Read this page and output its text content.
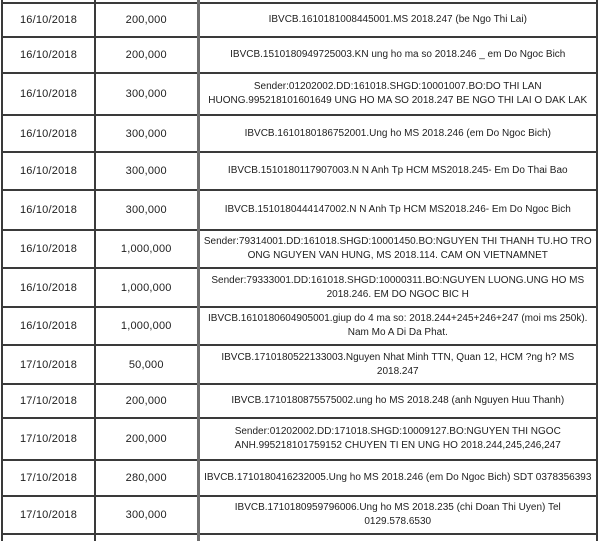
16/10/2018	200,000	IBVCB.1610181008445001.MS 2018.247 (be Ngo Thi Lai)
16/10/2018	200,000	IBVCB.1510180949725003.KN ung ho ma so 2018.246 _ em Do Ngoc Bich
16/10/2018	300,000	Sender:01202002.DD:161018.SHGD:10001007.BO:DO THI LAN HUONG.995218101601649 UNG HO MA SO 2018.247 BE NGO THI LAI O DAK LAK
16/10/2018	300,000	IBVCB.1610180186752001.Ung ho MS 2018.246 (em Do Ngoc Bich)
16/10/2018	300,000	IBVCB.1510180117907003.N N Anh Tp HCM MS2018.245- Em Do Thai Bao
16/10/2018	300,000	IBVCB.1510180444147002.N N Anh Tp HCM MS2018.246- Em Do Ngoc Bich
16/10/2018	1,000,000	Sender:79314001.DD:161018.SHGD:10001450.BO:NGUYEN THI THANH TU.HO TRO ONG NGUYEN VAN HUNG, MS 2018.114. CAM ON VIETNAMNET
16/10/2018	1,000,000	Sender:79333001.DD:161018.SHGD:10000311.BO:NGUYEN LUONG.UNG HO MS 2018.246. EM DO NGOC BIC H
16/10/2018	1,000,000	IBVCB.1610180604905001.giup do 4 ma so: 2018.244+245+246+247 (moi ms 250k). Nam Mo A Di Da Phat.
17/10/2018	50,000	IBVCB.1710180522133003.Nguyen Nhat Minh TTN, Quan 12, HCM ?ng h? MS 2018.247
17/10/2018	200,000	IBVCB.1710180875575002.ung ho MS 2018.248 (anh Nguyen Huu Thanh)
17/10/2018	200,000	Sender:01202002.DD:171018.SHGD:10009127.BO:NGUYEN THI NGOC ANH.995218101759152 CHUYEN TI EN UNG HO 2018.244,245,246,247
17/10/2018	280,000	IBVCB.1710180416232005.Ung ho MS 2018.246 (em Do Ngoc Bich) SDT 0378356393
17/10/2018	300,000	IBVCB.1710180959796006.Ung ho MS 2018.235 (chi Doan Thi Uyen) Tel 0129.578.6530
